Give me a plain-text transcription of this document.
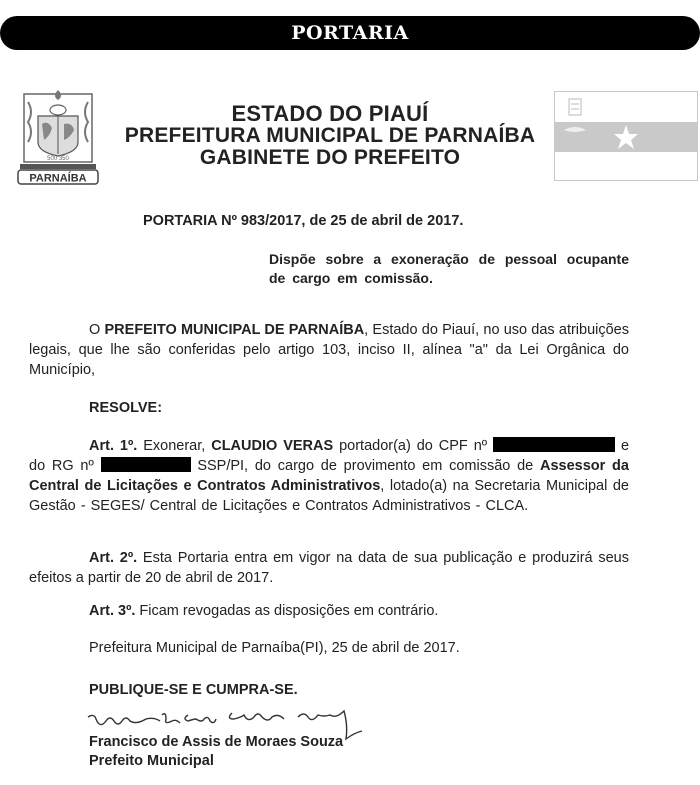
PORTARIA
500 350
PARNAÍBA
ESTADO DO PIAUÍ
PREFEITURA MUNICIPAL DE PARNAÍBA
GABINETE DO PREFEITO
PORTARIA Nº 983/2017, de 25 de abril de 2017.
Dispõe sobre a exoneração de pessoal ocupante de cargo em comissão.
O PREFEITO MUNICIPAL DE PARNAÍBA, Estado do Piauí, no uso das atribuições legais, que lhe são conferidas pelo artigo 103, inciso II, alínea "a" da Lei Orgânica do Município,
RESOLVE:
Art. 1º. Exonerar, CLAUDIO VERAS portador(a) do CPF nº	e do RG nº	SSP/PI, do cargo de provimento em comissão de Assessor da Central de Licitações e Contratos Administrativos, lotado(a) na Secretaria Municipal de Gestão - SEGES/ Central de Licitações e Contratos Administrativos - CLCA.
Art. 2º. Esta Portaria entra em vigor na data de sua publicação e produzirá seus efeitos a partir de 20 de abril de 2017.
Art. 3º. Ficam revogadas as disposições em contrário.
Prefeitura Municipal de Parnaíba(PI), 25 de abril de 2017.
PUBLIQUE-SE E CUMPRA-SE.
Francisco de Assis de Moraes Souza
Prefeito Municipal
